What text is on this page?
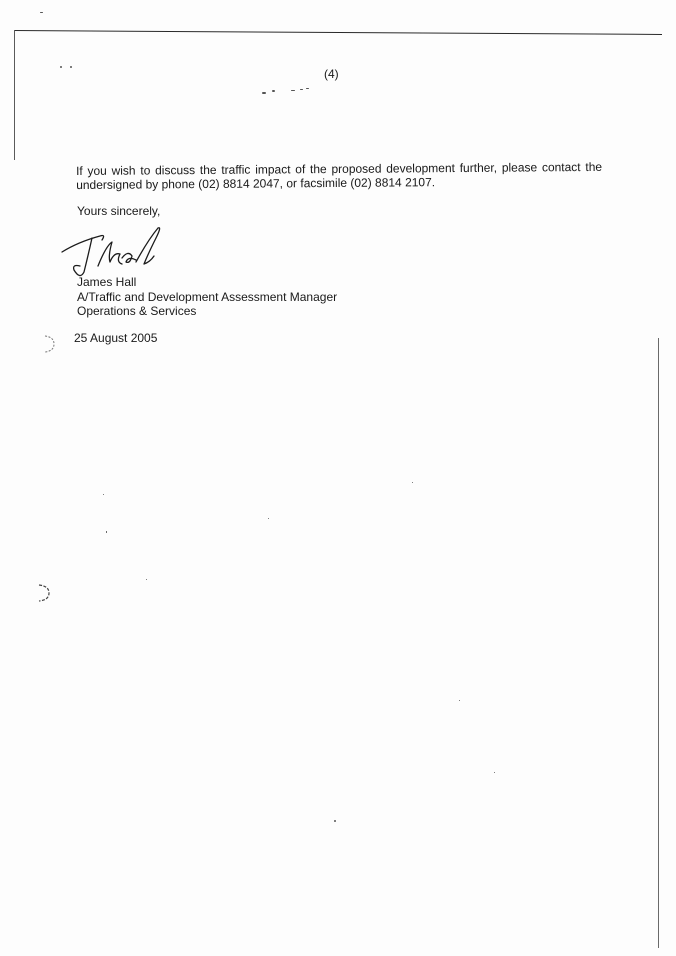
(4)
If you wish to discuss the traffic impact of the proposed development further, please contact the undersigned by phone (02) 8814 2047, or facsimile (02) 8814 2107.
Yours sincerely,
James Hall
A/Traffic and Development Assessment Manager
Operations & Services
25 August 2005
